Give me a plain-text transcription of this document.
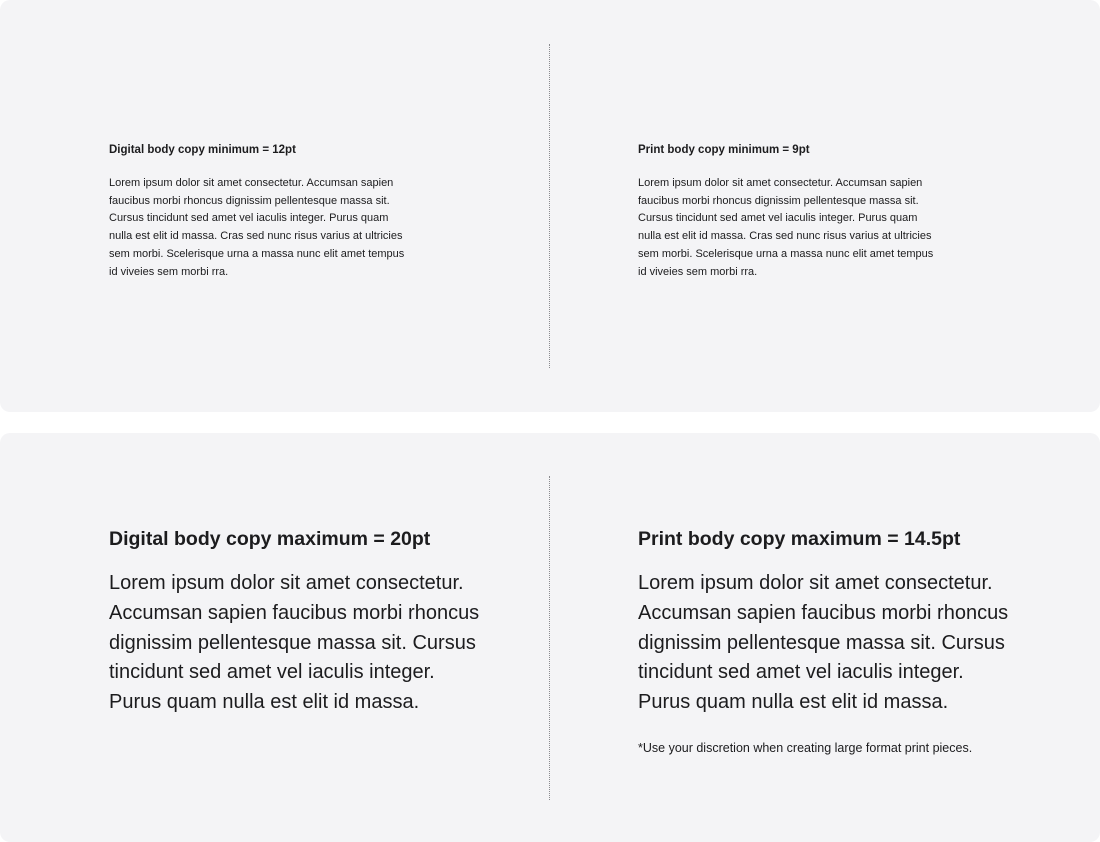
Digital body copy minimum = 12pt

Lorem ipsum dolor sit amet consectetur. Accumsan sapien
faucibus morbi rhoncus dignissim pellentesque massa sit.
Cursus tincidunt sed amet vel iaculis integer. Purus quam
nulla est elit id massa. Cras sed nunc risus varius at ultricies
sem morbi. Scelerisque urna a massa nunc elit amet tempus
id viveies sem morbi rra.

Print body copy minimum = 9pt

Lorem ipsum dolor sit amet consectetur. Accumsan sapien
faucibus morbi rhoncus dignissim pellentesque massa sit.
Cursus tincidunt sed amet vel iaculis integer. Purus quam
nulla est elit id massa. Cras sed nunc risus varius at ultricies
sem morbi. Scelerisque urna a massa nunc elit amet tempus
id viveies sem morbi rra.

Digital body copy maximum = 20pt

Lorem ipsum dolor sit amet consectetur.
Accumsan sapien faucibus morbi rhoncus
dignissim pellentesque massa sit. Cursus
tincidunt sed amet vel iaculis integer.
Purus quam nulla est elit id massa.

Print body copy maximum = 14.5pt

Lorem ipsum dolor sit amet consectetur.
Accumsan sapien faucibus morbi rhoncus
dignissim pellentesque massa sit. Cursus
tincidunt sed amet vel iaculis integer.
Purus quam nulla est elit id massa.

*Use your discretion when creating large format print pieces.
